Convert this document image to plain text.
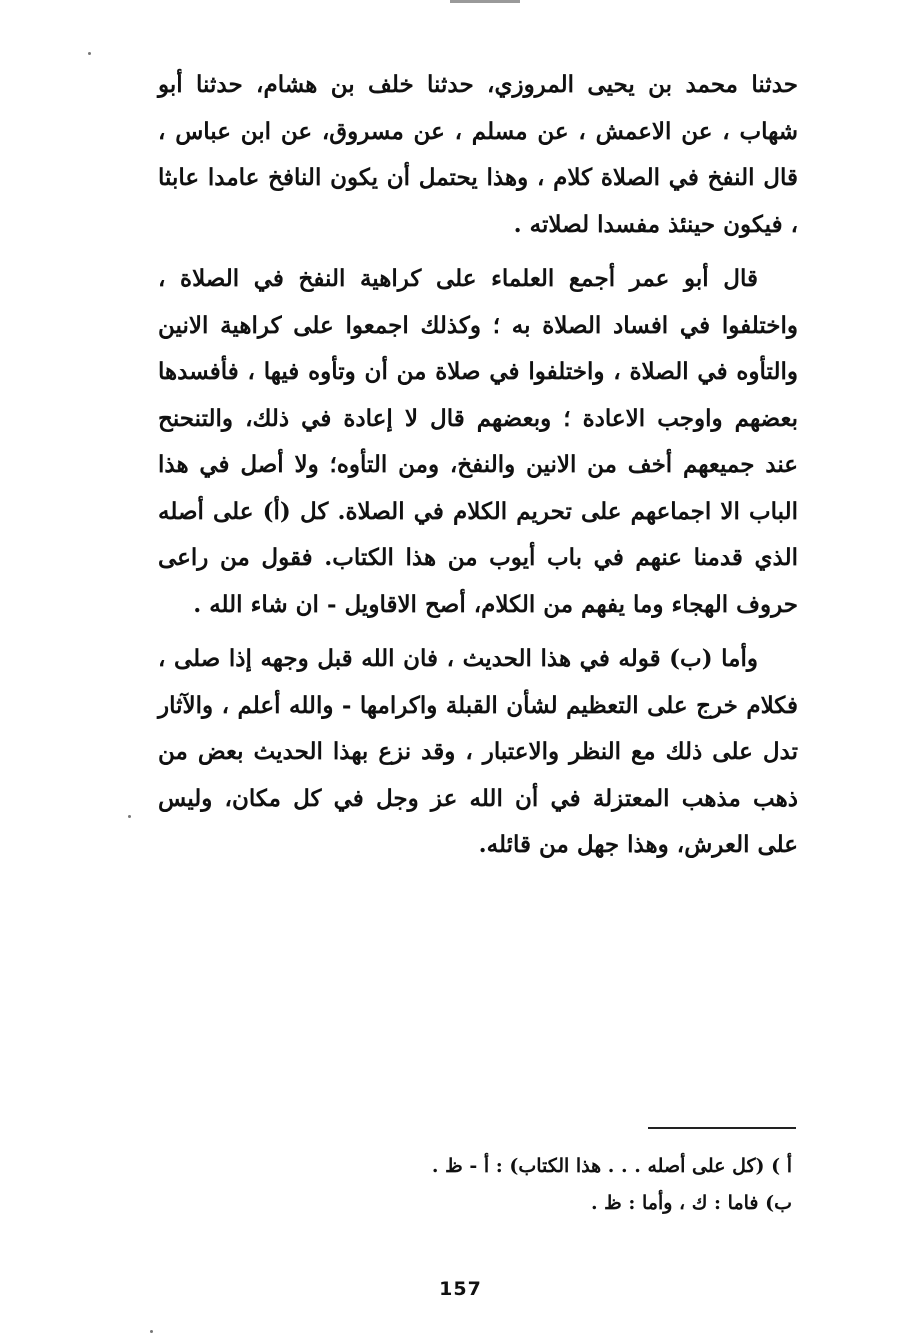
حدثنا محمد بن يحيى المروزي، حدثنا خلف بن هشام، حدثنا أبو شهاب ، عن الاعمش ، عن مسلم ، عن مسروق، عن ابن عباس ، قال النفخ في الصلاة كلام ، وهذا يحتمل أن يكون النافخ عامدا عابثا ، فيكون حينئذ مفسدا لصلاته .

قال أبو عمر أجمع العلماء على كراهية النفخ في الصلاة ، واختلفوا في افساد الصلاة به ؛ وكذلك اجمعوا على كراهية الانين والتأوه في الصلاة ، واختلفوا في صلاة من أن وتأوه فيها ، فأفسدها بعضهم واوجب الاعادة ؛ وبعضهم قال لا إعادة في ذلك، والتنحنح عند جميعهم أخف من الانين والنفخ، ومن التأوه؛ ولا أصل في هذا الباب الا اجماعهم على تحريم الكلام في الصلاة. كل (أ) على أصله الذي قدمنا عنهم في باب أيوب من هذا الكتاب. فقول من راعى حروف الهجاء وما يفهم من الكلام، أصح الاقاويل - ان شاء الله .

وأما (ب) قوله في هذا الحديث ، فان الله قبل وجهه إذا صلى ، فكلام خرج على التعظيم لشأن القبلة واكرامها - والله أعلم ، والآثار تدل على ذلك مع النظر والاعتبار ، وقد نزع بهذا الحديث بعض من ذهب مذهب المعتزلة في أن الله عز وجل في كل مكان، وليس على العرش، وهذا جهل من قائله.

أ ) (كل على أصله . . . هذا الكتاب) : أ - ظ .

ب) فاما : ك ، وأما : ظ .

157
